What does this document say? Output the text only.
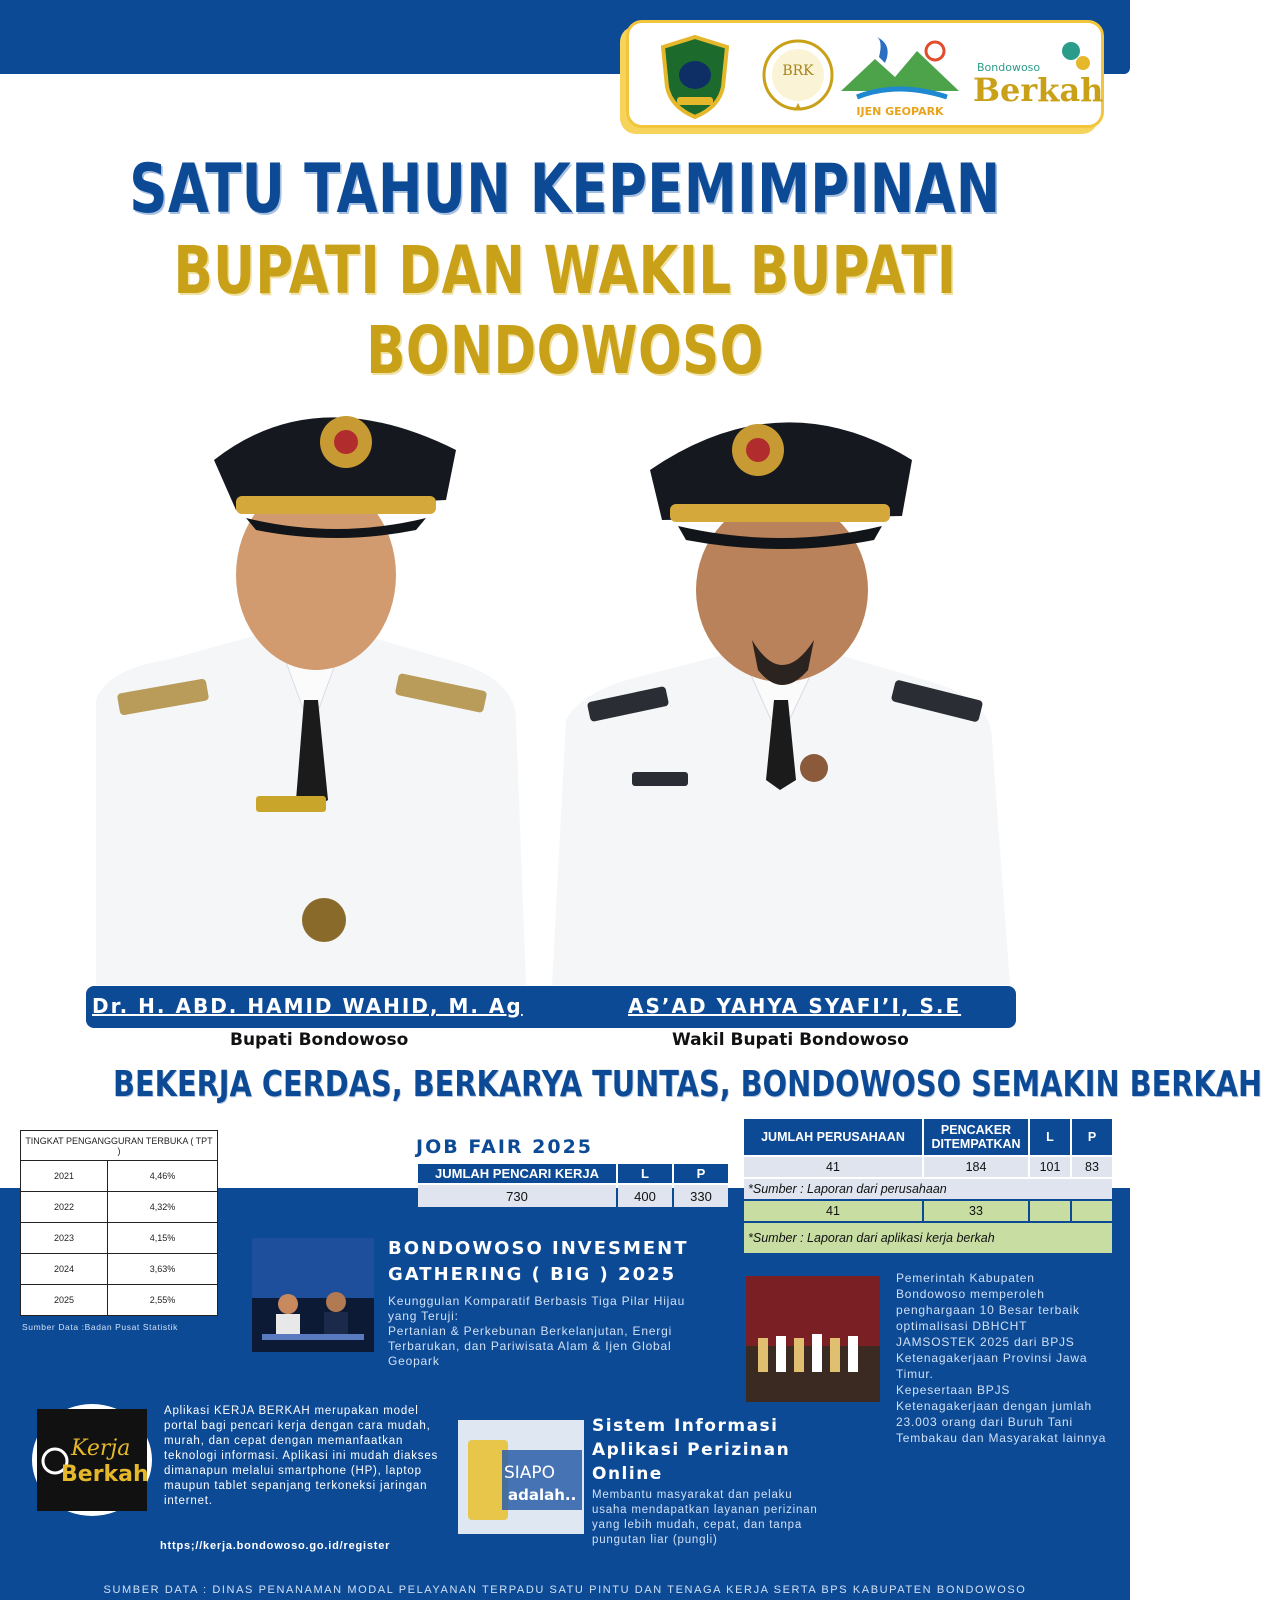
BRK
IJEN GEOPARK
Bondowoso
Berkah
SATU TAHUN KEPEMIMPINAN
BUPATI DAN WAKIL BUPATI
BONDOWOSO
Dr. H. ABD. HAMID WAHID, M. Ag	AS’AD YAHYA SYAFI’I, S.E
Bupati Bondowoso	Wakil Bupati Bondowoso
BEKERJA CERDAS, BERKARYA TUNTAS, BONDOWOSO SEMAKIN BERKAH
TINGKAT PENGANGGURAN TERBUKA ( TPT )	
2021	4,46%
2022	4,32%
2023	4,15%
2024	3,63%
2025	2,55%
Sumber Data :Badan Pusat Statistik
JOB FAIR 2025
JUMLAH PENCARI KERJA	L	P
730	400	330
JUMLAH PERUSAHAAN	PENCAKER DITEMPATKAN	L	P
41	184	101	83
*Sumber : Laporan dari perusahaan			
41	33		
*Sumber : Laporan dari aplikasi kerja berkah			
BONDOWOSO INVESMENT GATHERING ( BIG ) 2025
Keunggulan Komparatif Berbasis Tiga Pilar Hijau yang Teruji:
Pertanian & Perkebunan Berkelanjutan, Energi Terbarukan, dan Pariwisata Alam & Ijen Global Geopark
Pemerintah Kabupaten Bondowoso memperoleh penghargaan 10 Besar terbaik optimalisasi DBHCHT JAMSOSTEK 2025 dari BPJS Ketenagakerjaan Provinsi Jawa Timur.
Kepesertaan BPJS Ketenagakerjaan dengan jumlah 23.003 orang dari Buruh Tani Tembakau dan Masyarakat lainnya
Kerja
Berkah
Aplikasi KERJA BERKAH merupakan model portal bagi pencari kerja dengan cara mudah, murah, dan cepat dengan memanfaatkan teknologi informasi. Aplikasi ini mudah diakses dimanapun melalui smartphone (HP), laptop maupun tablet sepanjang terkoneksi jaringan internet.
https;//kerja.bondowoso.go.id/register
SIAPO
adalah..
Sistem Informasi Aplikasi Perizinan Online
Membantu masyarakat dan pelaku usaha mendapatkan layanan perizinan yang lebih mudah, cepat, dan tanpa pungutan liar (pungli)
SUMBER DATA : DINAS PENANAMAN MODAL PELAYANAN TERPADU SATU PINTU DAN TENAGA KERJA SERTA BPS KABUPATEN BONDOWOSO
